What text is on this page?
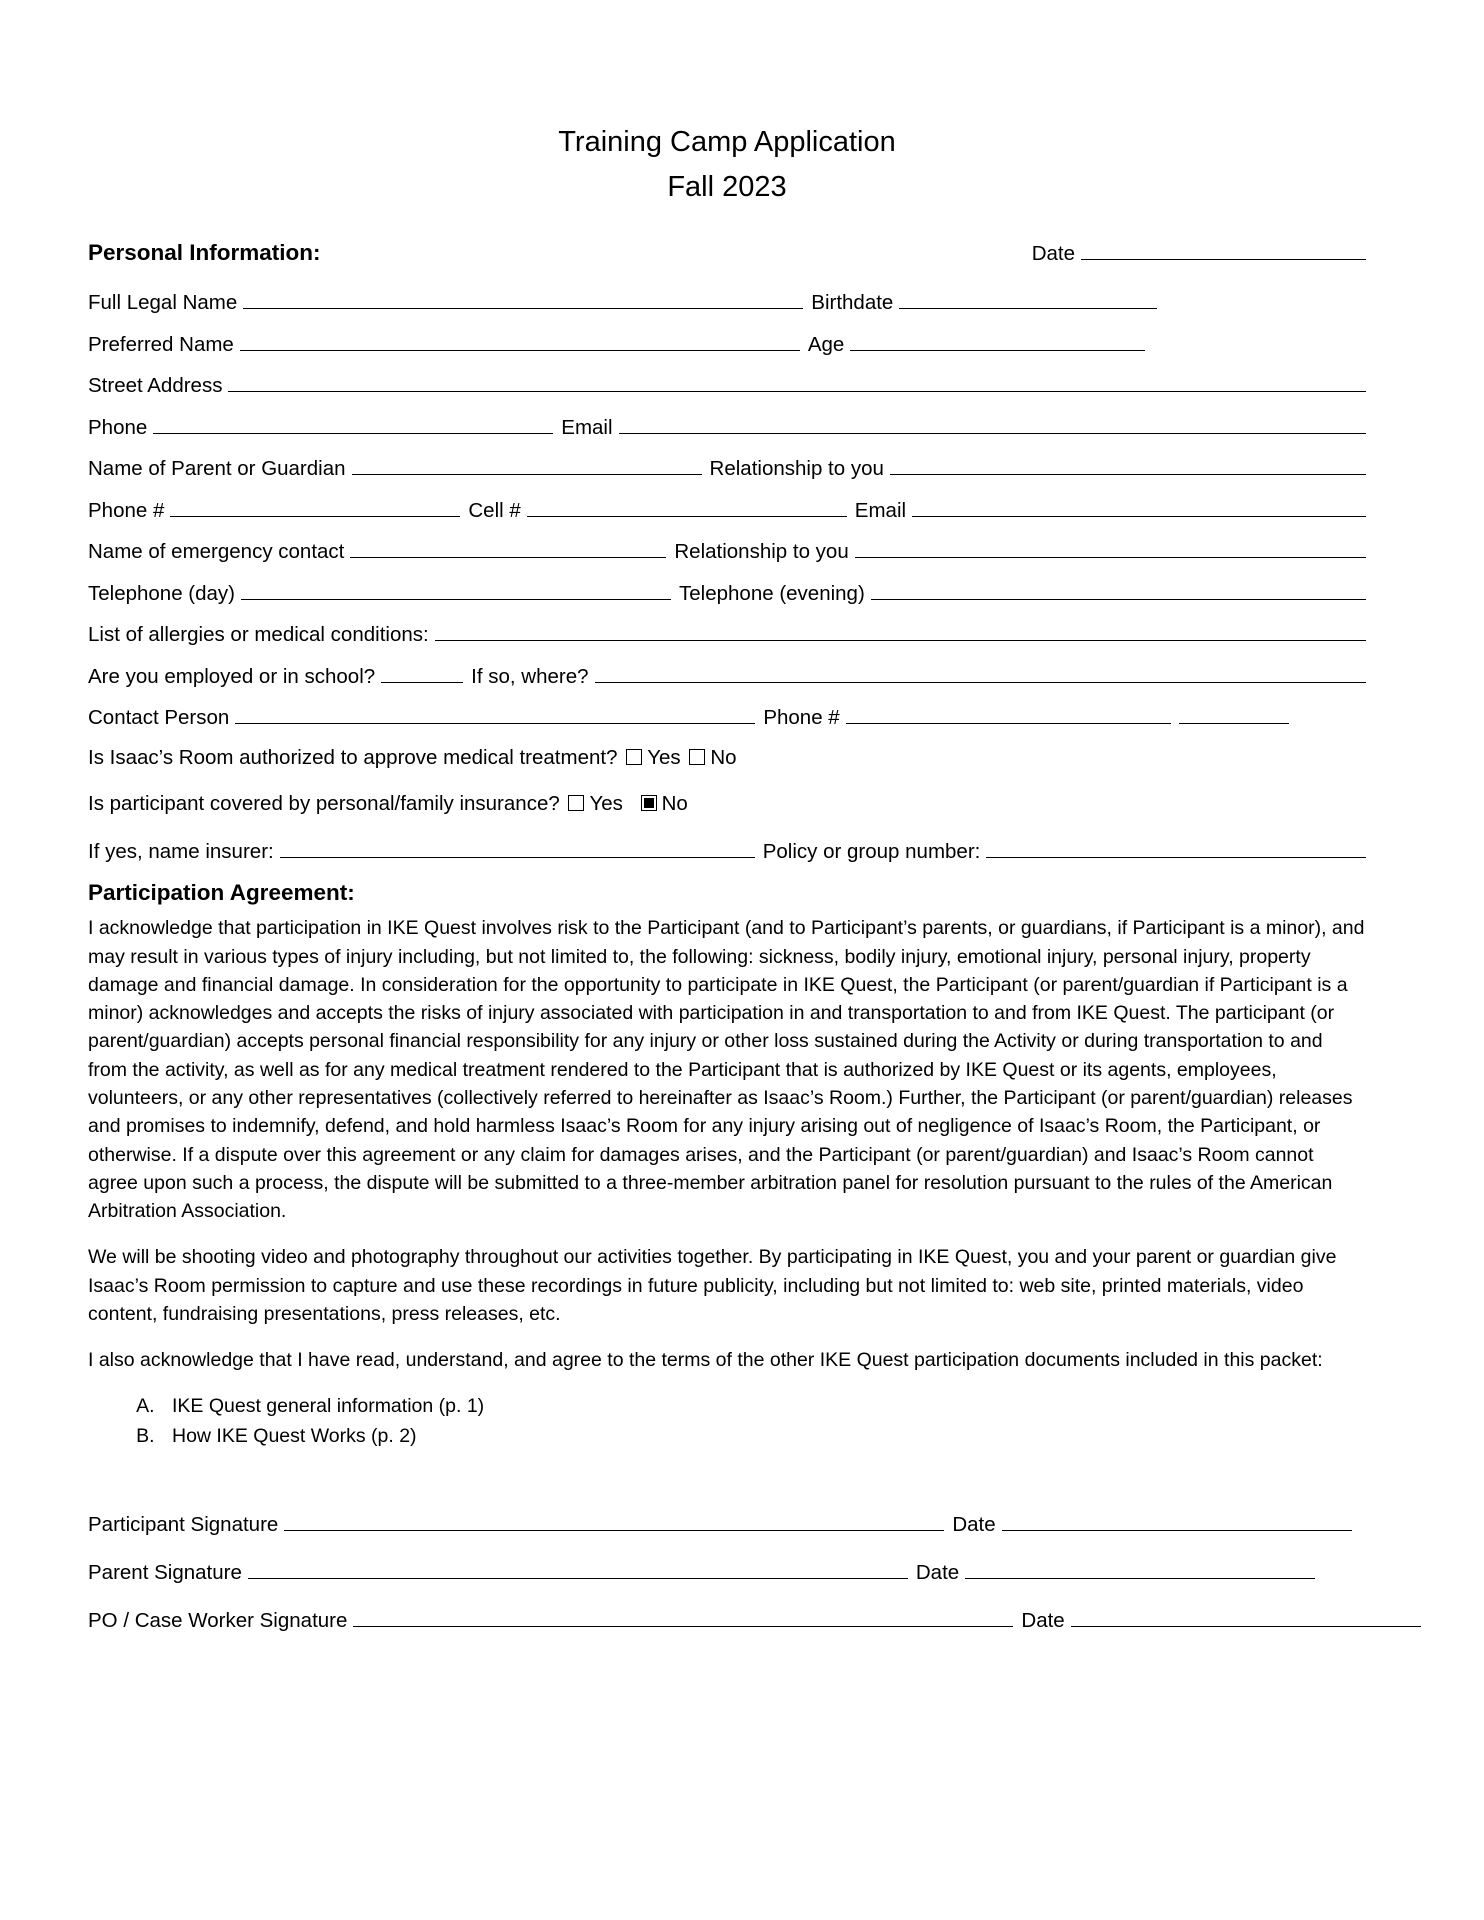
Training Camp Application
Fall 2023
Personal Information:	Date
Full Legal Name	Birthdate
Preferred Name	Age
Street Address
Phone	Email
Name of Parent or Guardian	Relationship to you
Phone #	Cell #	Email
Name of emergency contact	Relationship to you
Telephone (day)	Telephone (evening)
List of allergies or medical conditions:
Are you employed or in school?	If so, where?
Contact Person	Phone #
Is Isaac’s Room authorized to approve medical treatment? Yes No
Is participant covered by personal/family insurance? Yes No
If yes, name insurer:	Policy or group number:
Participation Agreement:

I acknowledge that participation in IKE Quest involves risk to the Participant (and to Participant’s parents, or guardians, if Participant is a minor), and may result in various types of injury including, but not limited to, the following: sickness, bodily injury, emotional injury, personal injury, property damage and financial damage. In consideration for the opportunity to participate in IKE Quest, the Participant (or parent/guardian if Participant is a minor) acknowledges and accepts the risks of injury associated with participation in and transportation to and from IKE Quest. The participant (or parent/guardian) accepts personal financial responsibility for any injury or other loss sustained during the Activity or during transportation to and from the activity, as well as for any medical treatment rendered to the Participant that is authorized by IKE Quest or its agents, employees, volunteers, or any other representatives (collectively referred to hereinafter as Isaac’s Room.) Further, the Participant (or parent/guardian) releases and promises to indemnify, defend, and hold harmless Isaac’s Room for any injury arising out of negligence of Isaac’s Room, the Participant, or otherwise. If a dispute over this agreement or any claim for damages arises, and the Participant (or parent/guardian) and Isaac’s Room cannot agree upon such a process, the dispute will be submitted to a three-member arbitration panel for resolution pursuant to the rules of the American Arbitration Association.

We will be shooting video and photography throughout our activities together. By participating in IKE Quest, you and your parent or guardian give Isaac’s Room permission to capture and use these recordings in future publicity, including but not limited to: web site, printed materials, video content, fundraising presentations, press releases, etc.

I also acknowledge that I have read, understand, and agree to the terms of the other IKE Quest participation documents included in this packet:

A. IKE Quest general information (p. 1)
B. How IKE Quest Works (p. 2)
Participant Signature	Date
Parent Signature	Date
PO / Case Worker Signature	Date
